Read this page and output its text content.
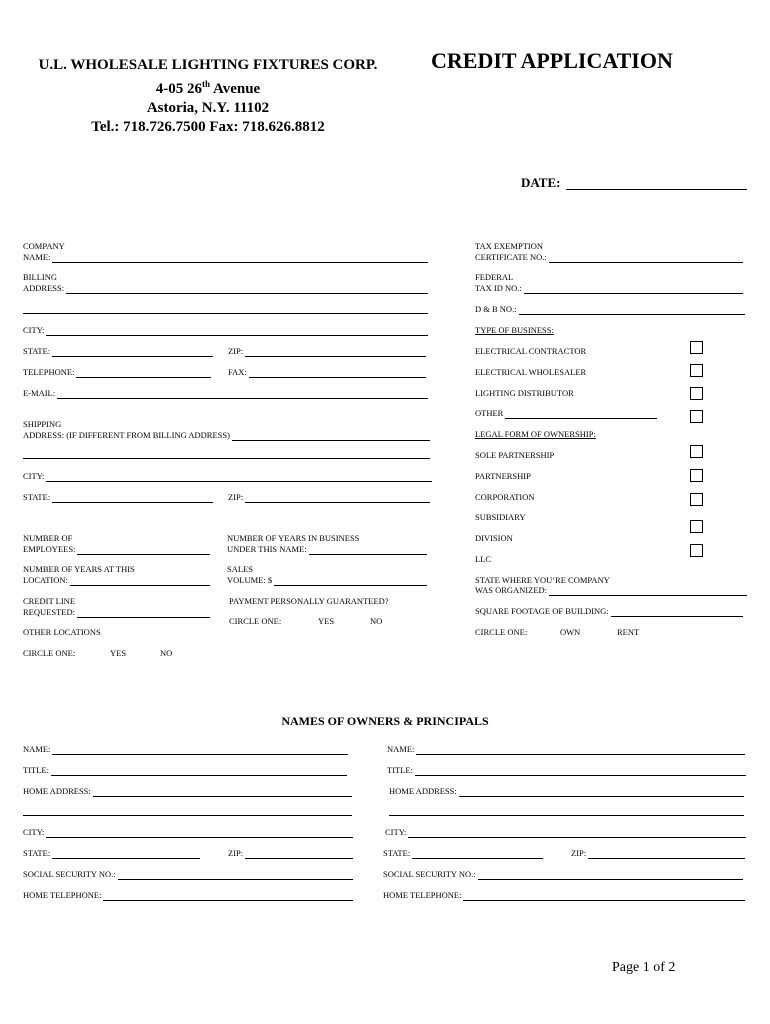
U.L. WHOLESALE LIGHTING FIXTURES CORP.
4-05 26th Avenue
Astoria, N.Y. 11102
Tel.: 718.726.7500 Fax: 718.626.8812
CREDIT APPLICATION
DATE:
COMPANY
NAME:
BILLING
ADDRESS:
CITY:
STATE:	ZIP:
TELEPHONE:	FAX:
E-MAIL:
SHIPPING
ADDRESS: (IF DIFFERENT FROM BILLING ADDRESS)
CITY:
STATE:	ZIP:
NUMBER OF
EMPLOYEES:
NUMBER OF YEARS IN BUSINESS
UNDER THIS NAME:
NUMBER OF YEARS AT THIS
LOCATION:
SALES
VOLUME: $
CREDIT LINE
REQUESTED:
PAYMENT PERSONALLY GUARANTEED?
CIRCLE ONE:	YES	NO
OTHER LOCATIONS
CIRCLE ONE:	YES	NO
TAX EXEMPTION
CERTIFICATE NO.:
FEDERAL
TAX ID NO.:
D & B NO.:
TYPE OF BUSINESS:
ELECTRICAL CONTRACTOR
ELECTRICAL WHOLESALER
LIGHTING DISTRIBUTOR
OTHER
LEGAL FORM OF OWNERSHIP:
SOLE PARTNERSHIP
PARTNERSHIP
CORPORATION
SUBSIDIARY
DIVISION
LLC
STATE WHERE YOU’RE COMPANY
WAS ORGANIZED:
SQUARE FOOTAGE OF BUILDING:
CIRCLE ONE:	OWN	RENT
NAMES OF OWNERS & PRINCIPALS
NAME:
TITLE:
HOME ADDRESS:
CITY:
STATE:	ZIP:
SOCIAL SECURITY NO.:
HOME TELEPHONE:
NAME:
TITLE:
HOME ADDRESS:
CITY:
STATE:	ZIP:
SOCIAL SECURITY NO.:
HOME TELEPHONE:
Page 1 of 2
